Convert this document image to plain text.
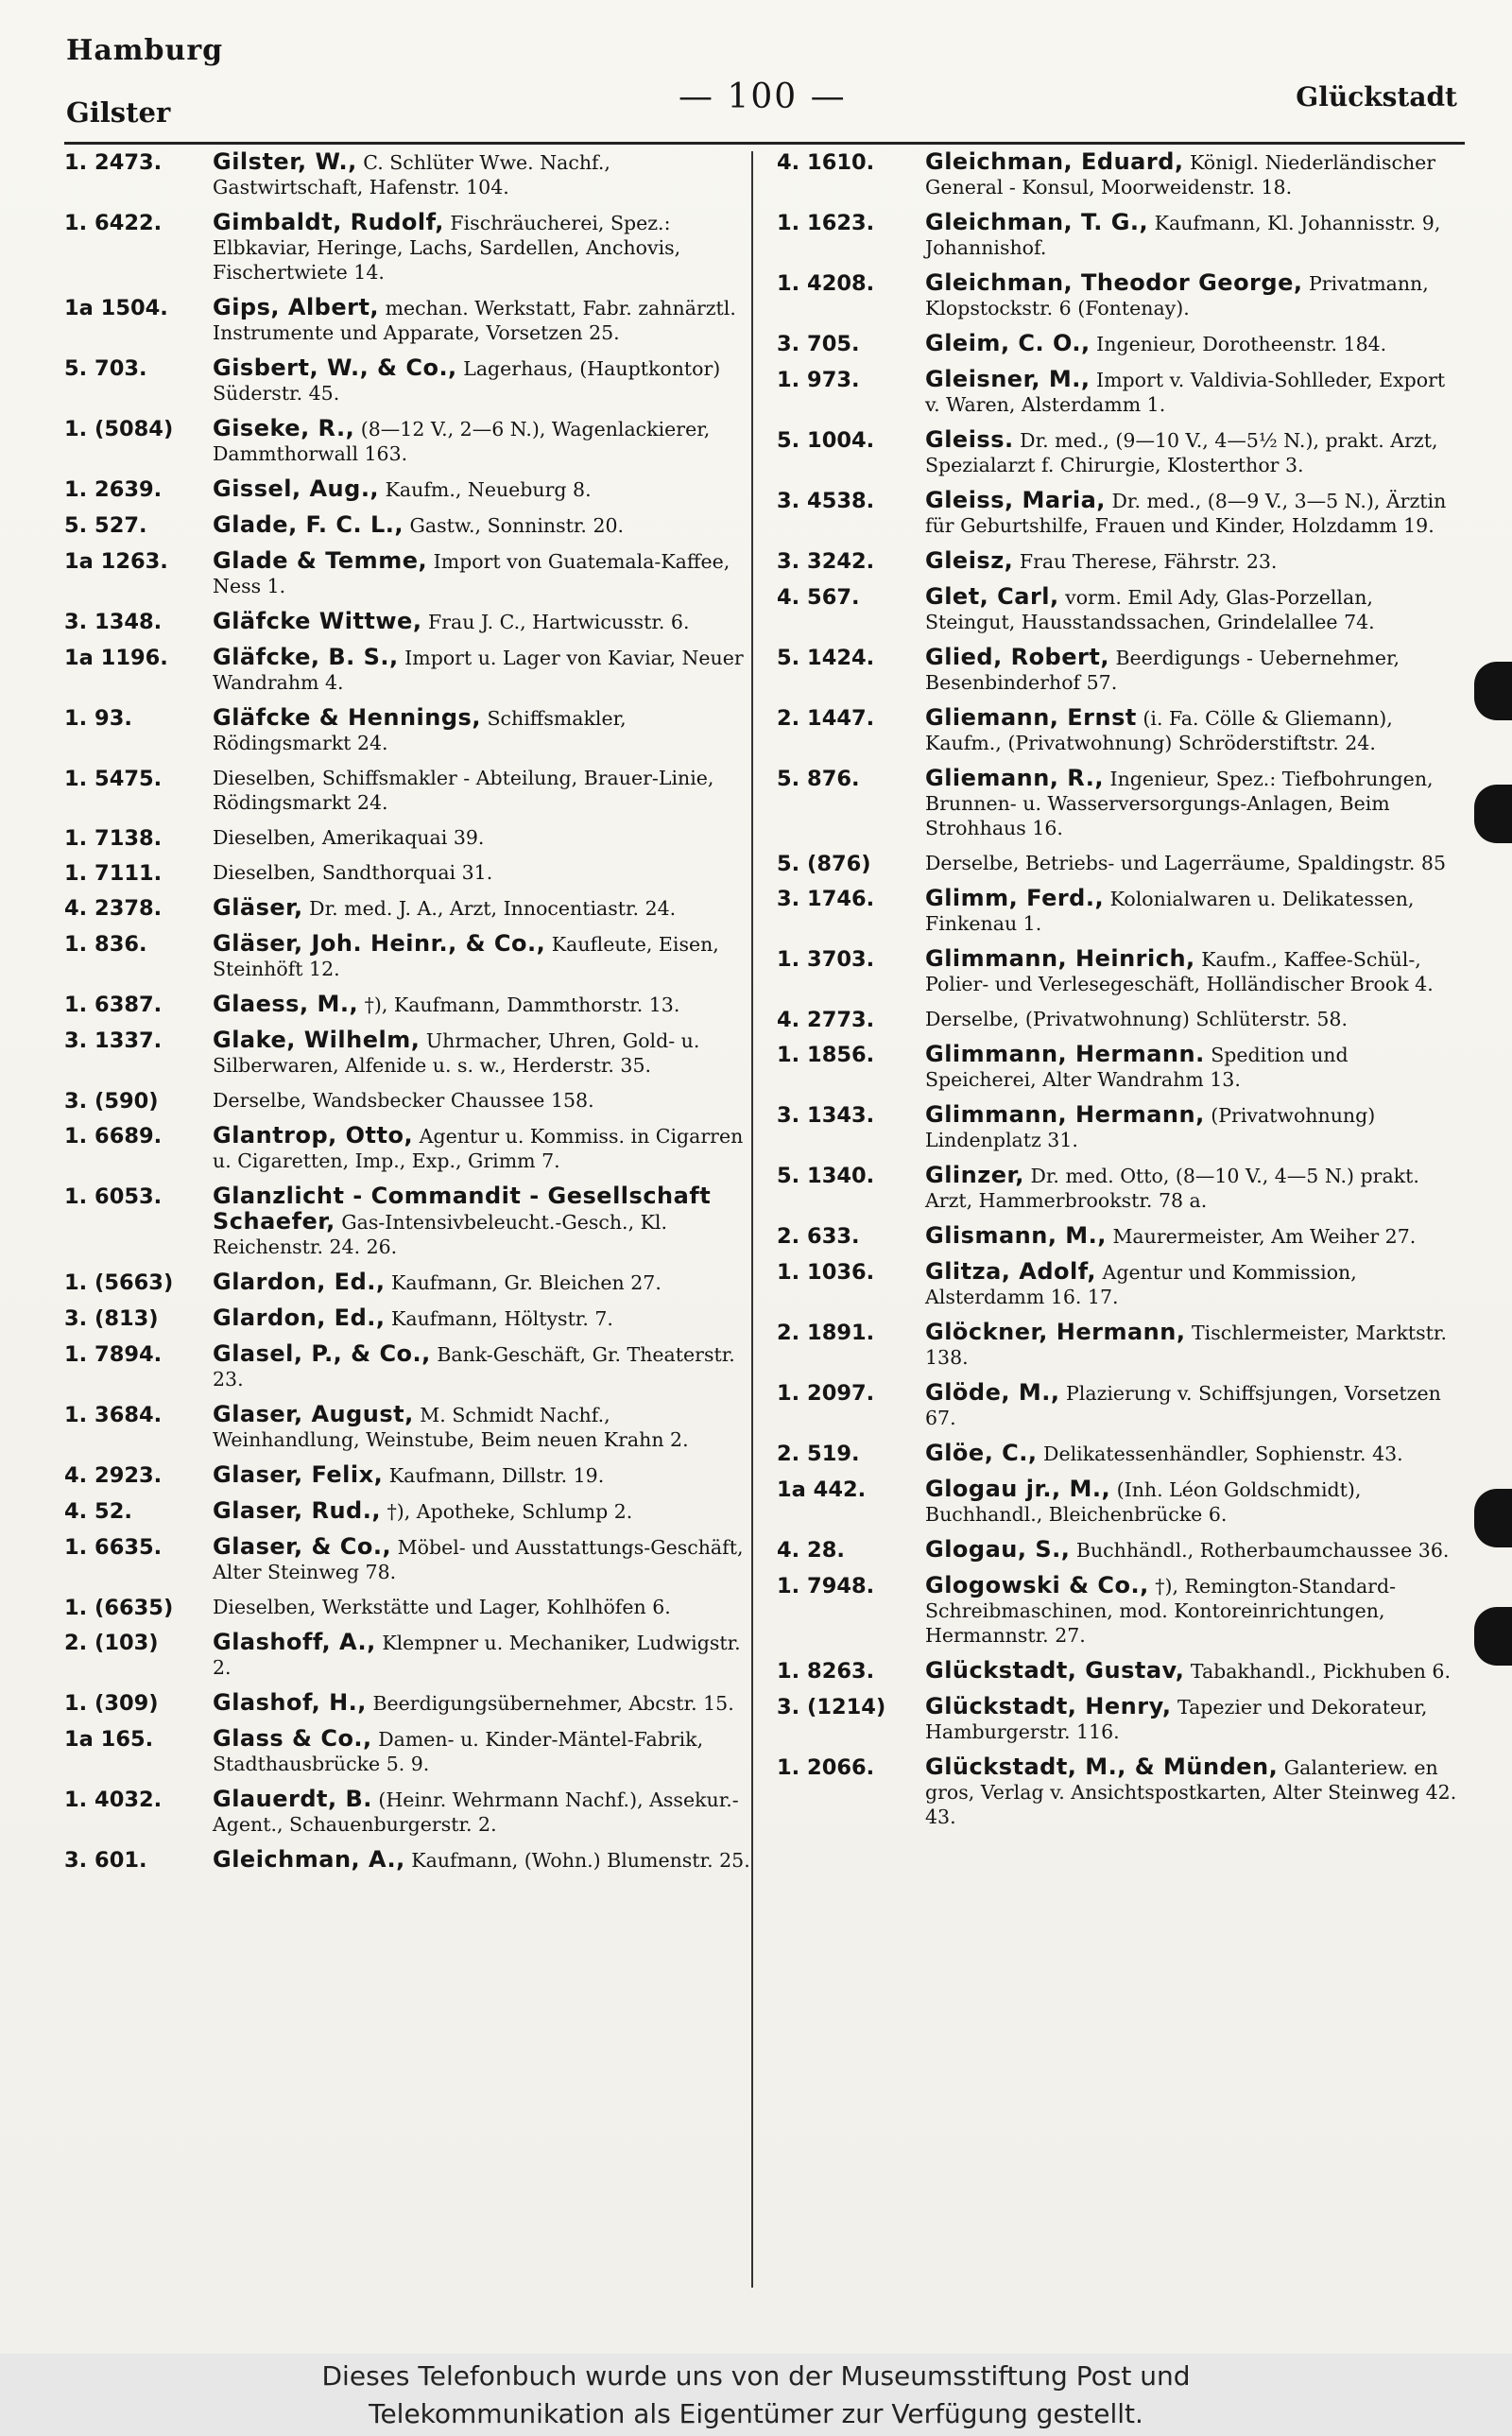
Hamburg
Gilster	— 100 —	Glückstadt
1. 2473.	Gilster, W., C. Schlüter Wwe. Nachf., Gastwirtschaft, Hafenstr. 104.
1. 6422.	Gimbaldt, Rudolf, Fischräucherei, Spez.: Elbkaviar, Heringe, Lachs, Sardellen, Anchovis, Fischertwiete 14.
1a 1504.	Gips, Albert, mechan. Werkstatt, Fabr. zahnärztl. Instrumente und Apparate, Vorsetzen 25.
5. 703.	Gisbert, W., & Co., Lagerhaus, (Hauptkontor) Süderstr. 45.
1. (5084)	Giseke, R., (8—12 V., 2—6 N.), Wagenlackierer, Dammthorwall 163.
1. 2639.	Gissel, Aug., Kaufm., Neueburg 8.
5. 527.	Glade, F. C. L., Gastw., Sonninstr. 20.
1a 1263.	Glade & Temme, Import von Guatemala-Kaffee, Ness 1.
3. 1348.	Gläfcke Wittwe, Frau J. C., Hartwicusstr. 6.
1a 1196.	Gläfcke, B. S., Import u. Lager von Kaviar, Neuer Wandrahm 4.
1. 93.	Gläfcke & Hennings, Schiffsmakler, Rödingsmarkt 24.
1. 5475.	Dieselben, Schiffsmakler - Abteilung, Brauer-Linie, Rödingsmarkt 24.
1. 7138.	Dieselben, Amerikaquai 39.
1. 7111.	Dieselben, Sandthorquai 31.
4. 2378.	Gläser, Dr. med. J. A., Arzt, Innocentiastr. 24.
1. 836.	Gläser, Joh. Heinr., & Co., Kaufleute, Eisen, Steinhöft 12.
1. 6387.	Glaess, M., †), Kaufmann, Dammthorstr. 13.
3. 1337.	Glake, Wilhelm, Uhrmacher, Uhren, Gold- u. Silberwaren, Alfenide u. s. w., Herderstr. 35.
3. (590)	Derselbe, Wandsbecker Chaussee 158.
1. 6689.	Glantrop, Otto, Agentur u. Kommiss. in Cigarren u. Cigaretten, Imp., Exp., Grimm 7.
1. 6053.	Glanzlicht - Commandit - Gesellschaft Schaefer, Gas-Intensivbeleucht.-Gesch., Kl. Reichenstr. 24. 26.
1. (5663)	Glardon, Ed., Kaufmann, Gr. Bleichen 27.
3. (813)	Glardon, Ed., Kaufmann, Höltystr. 7.
1. 7894.	Glasel, P., & Co., Bank-Geschäft, Gr. Theaterstr. 23.
1. 3684.	Glaser, August, M. Schmidt Nachf., Weinhandlung, Weinstube, Beim neuen Krahn 2.
4. 2923.	Glaser, Felix, Kaufmann, Dillstr. 19.
4. 52.	Glaser, Rud., †), Apotheke, Schlump 2.
1. 6635.	Glaser, & Co., Möbel- und Ausstattungs-Geschäft, Alter Steinweg 78.
1. (6635)	Dieselben, Werkstätte und Lager, Kohlhöfen 6.
2. (103)	Glashoff, A., Klempner u. Mechaniker, Ludwigstr. 2.
1. (309)	Glashof, H., Beerdigungsübernehmer, Abcstr. 15.
1a 165.	Glass & Co., Damen- u. Kinder-Mäntel-Fabrik, Stadthausbrücke 5. 9.
1. 4032.	Glauerdt, B. (Heinr. Wehrmann Nachf.), Assekur.-Agent., Schauenburgerstr. 2.
3. 601.	Gleichman, A., Kaufmann, (Wohn.) Blumenstr. 25.
4. 1610.	Gleichman, Eduard, Königl. Niederländischer General - Konsul, Moorweidenstr. 18.
1. 1623.	Gleichman, T. G., Kaufmann, Kl. Johannisstr. 9, Johannishof.
1. 4208.	Gleichman, Theodor George, Privatmann, Klopstockstr. 6 (Fontenay).
3. 705.	Gleim, C. O., Ingenieur, Dorotheenstr. 184.
1. 973.	Gleisner, M., Import v. Valdivia-Sohlleder, Export v. Waren, Alsterdamm 1.
5. 1004.	Gleiss. Dr. med., (9—10 V., 4—5½ N.), prakt. Arzt, Spezialarzt f. Chirurgie, Klosterthor 3.
3. 4538.	Gleiss, Maria, Dr. med., (8—9 V., 3—5 N.), Ärztin für Geburtshilfe, Frauen und Kinder, Holzdamm 19.
3. 3242.	Gleisz, Frau Therese, Fährstr. 23.
4. 567.	Glet, Carl, vorm. Emil Ady, Glas-Porzellan, Steingut, Hausstandssachen, Grindelallee 74.
5. 1424.	Glied, Robert, Beerdigungs - Uebernehmer, Besenbinderhof 57.
2. 1447.	Gliemann, Ernst (i. Fa. Cölle & Gliemann), Kaufm., (Privatwohnung) Schröderstiftstr. 24.
5. 876.	Gliemann, R., Ingenieur, Spez.: Tiefbohrungen, Brunnen- u. Wasserversorgungs-Anlagen, Beim Strohhaus 16.
5. (876)	Derselbe, Betriebs- und Lagerräume, Spaldingstr. 85
3. 1746.	Glimm, Ferd., Kolonialwaren u. Delikatessen, Finkenau 1.
1. 3703.	Glimmann, Heinrich, Kaufm., Kaffee-Schül-, Polier- und Verlesegeschäft, Holländischer Brook 4.
4. 2773.	Derselbe, (Privatwohnung) Schlüterstr. 58.
1. 1856.	Glimmann, Hermann. Spedition und Speicherei, Alter Wandrahm 13.
3. 1343.	Glimmann, Hermann, (Privatwohnung) Lindenplatz 31.
5. 1340.	Glinzer, Dr. med. Otto, (8—10 V., 4—5 N.) prakt. Arzt, Hammerbrookstr. 78 a.
2. 633.	Glismann, M., Maurermeister, Am Weiher 27.
1. 1036.	Glitza, Adolf, Agentur und Kommission, Alsterdamm 16. 17.
2. 1891.	Glöckner, Hermann, Tischlermeister, Marktstr. 138.
1. 2097.	Glöde, M., Plazierung v. Schiffsjungen, Vorsetzen 67.
2. 519.	Glöe, C., Delikatessenhändler, Sophienstr. 43.
1a 442.	Glogau jr., M., (Inh. Léon Goldschmidt), Buchhandl., Bleichenbrücke 6.
4. 28.	Glogau, S., Buchhändl., Rotherbaumchaussee 36.
1. 7948.	Glogowski & Co., †), Remington-Standard-Schreibmaschinen, mod. Kontoreinrichtungen, Hermannstr. 27.
1. 8263.	Glückstadt, Gustav, Tabakhandl., Pickhuben 6.
3. (1214)	Glückstadt, Henry, Tapezier und Dekorateur, Hamburgerstr. 116.
1. 2066.	Glückstadt, M., & Münden, Galanteriew. en gros, Verlag v. Ansichtspostkarten, Alter Steinweg 42. 43.
Dieses Telefonbuch wurde uns von der Museumsstiftung Post und
Telekommunikation als Eigentümer zur Verfügung gestellt.
